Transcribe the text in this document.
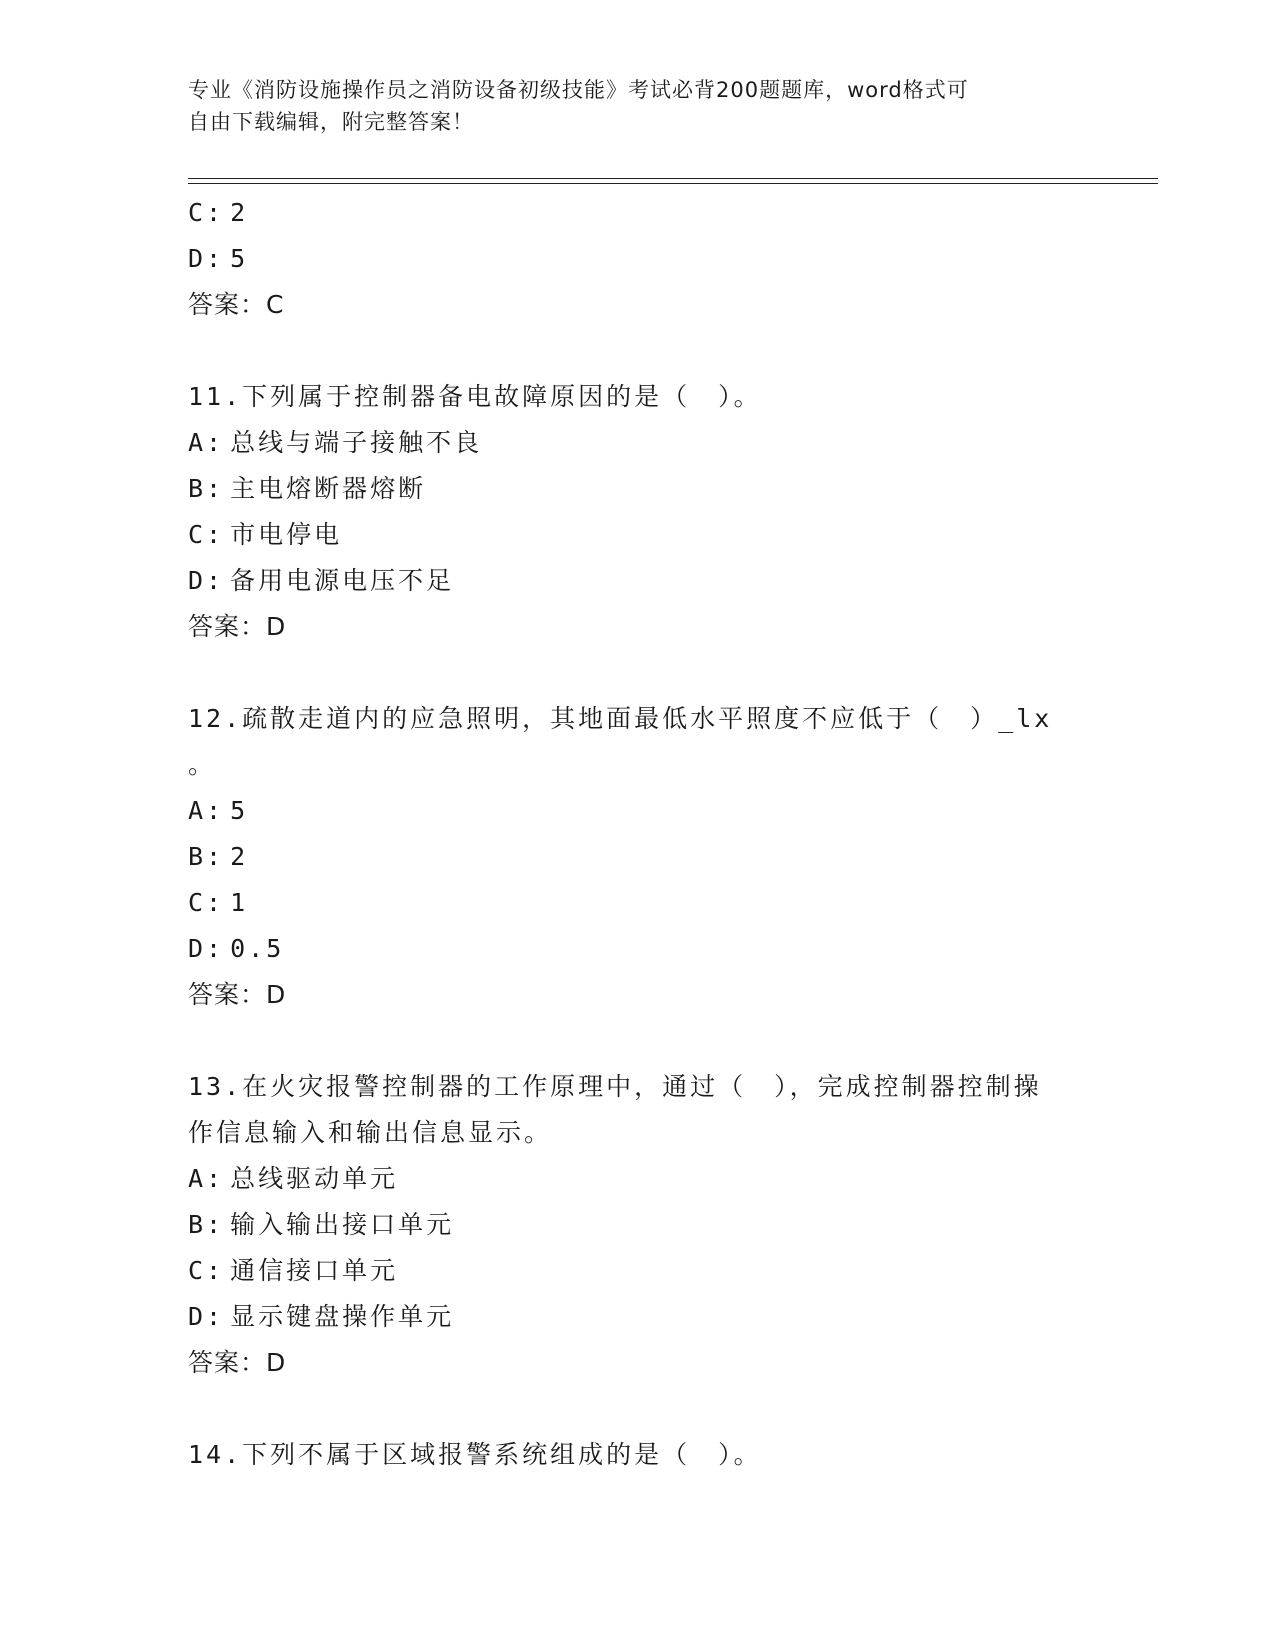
专业《消防设施操作员之消防设备初级技能》考试必背200题题库，word格式可
自由下载编辑，附完整答案！
C: 2
D: 5
答案：C
11.下列属于控制器备电故障原因的是（　）。
A: 总线与端子接触不良
B: 主电熔断器熔断
C: 市电停电
D: 备用电源电压不足
答案：D
12.疏散走道内的应急照明，其地面最低水平照度不应低于（　）_lx
。
A: 5
B: 2
C: 1
D: 0.5
答案：D
13.在火灾报警控制器的工作原理中，通过（　），完成控制器控制操
作信息输入和输出信息显示。
A: 总线驱动单元
B: 输入输出接口单元
C: 通信接口单元
D: 显示键盘操作单元
答案：D
14.下列不属于区域报警系统组成的是（　）。
